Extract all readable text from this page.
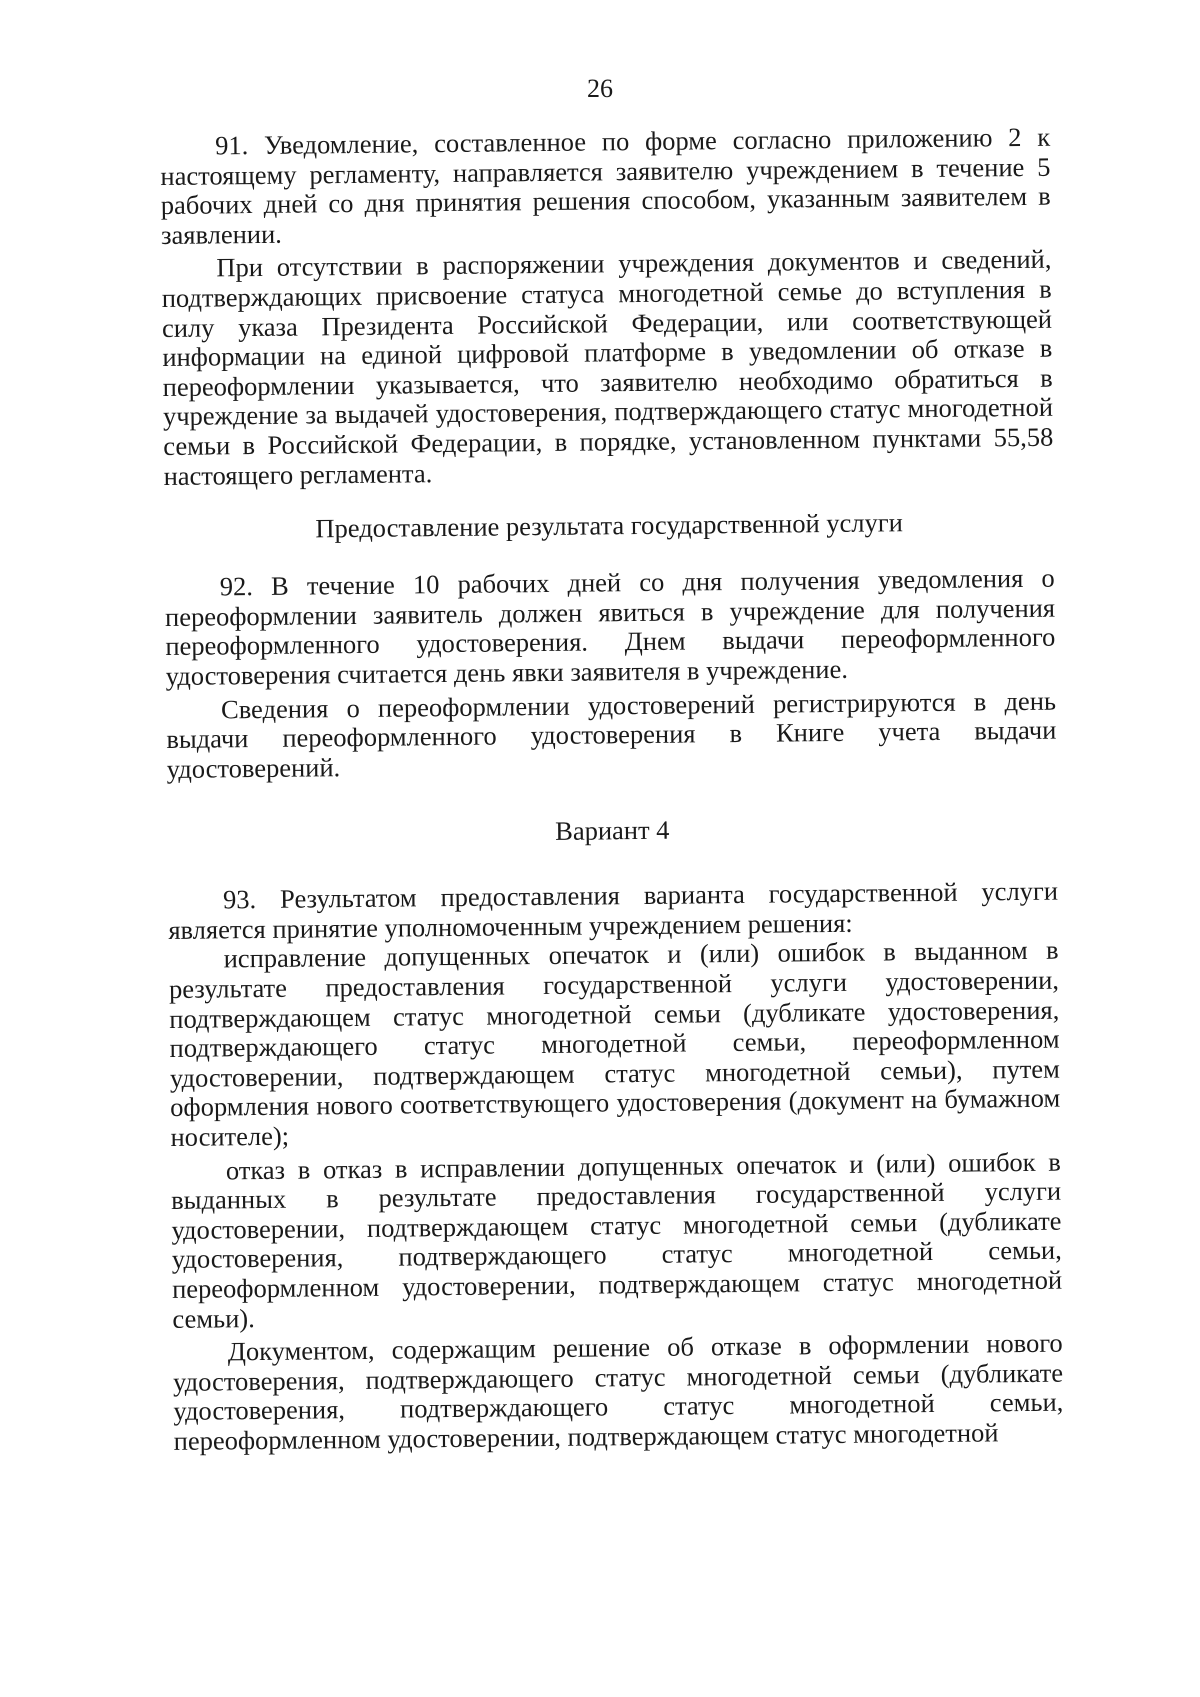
26

91. Уведомление, составленное по форме согласно приложению 2 к настоящему регламенту, направляется заявителю учреждением в течение 5 рабочих дней со дня принятия решения способом, указанным заявителем в заявлении.

При отсутствии в распоряжении учреждения документов и сведений, подтверждающих присвоение статуса многодетной семье до вступления в силу указа Президента Российской Федерации, или соответствующей информации на единой цифровой платформе в уведомлении об отказе в переоформлении указывается, что заявителю необходимо обратиться в учреждение за выдачей удостоверения, подтверждающего статус многодетной семьи в Российской Федерации, в порядке, установленном пунктами 55,58 настоящего регламента.

Предоставление результата государственной услуги

92. В течение 10 рабочих дней со дня получения уведомления о переоформлении заявитель должен явиться в учреждение для получения переоформленного удостоверения. Днем выдачи переоформленного удостоверения считается день явки заявителя в учреждение.

Сведения о переоформлении удостоверений регистрируются в день выдачи переоформленного удостоверения в Книге учета выдачи удостоверений.

Вариант 4

93. Результатом предоставления варианта государственной услуги является принятие уполномоченным учреждением решения:

исправление допущенных опечаток и (или) ошибок в выданном в результате предоставления государственной услуги удостоверении, подтверждающем статус многодетной семьи (дубликате удостоверения, подтверждающего статус многодетной семьи, переоформленном удостоверении, подтверждающем статус многодетной семьи), путем оформления нового соответствующего удостоверения (документ на бумажном носителе);

отказ в отказ в исправлении допущенных опечаток и (или) ошибок в выданных в результате предоставления государственной услуги удостоверении, подтверждающем статус многодетной семьи (дубликате удостоверения, подтверждающего статус многодетной семьи, переоформленном удостоверении, подтверждающем статус многодетной семьи).

Документом, содержащим решение об отказе в оформлении нового удостоверения, подтверждающего статус многодетной семьи (дубликате удостоверения, подтверждающего статус многодетной семьи, переоформленном удостоверении, подтверждающем статус многодетной
